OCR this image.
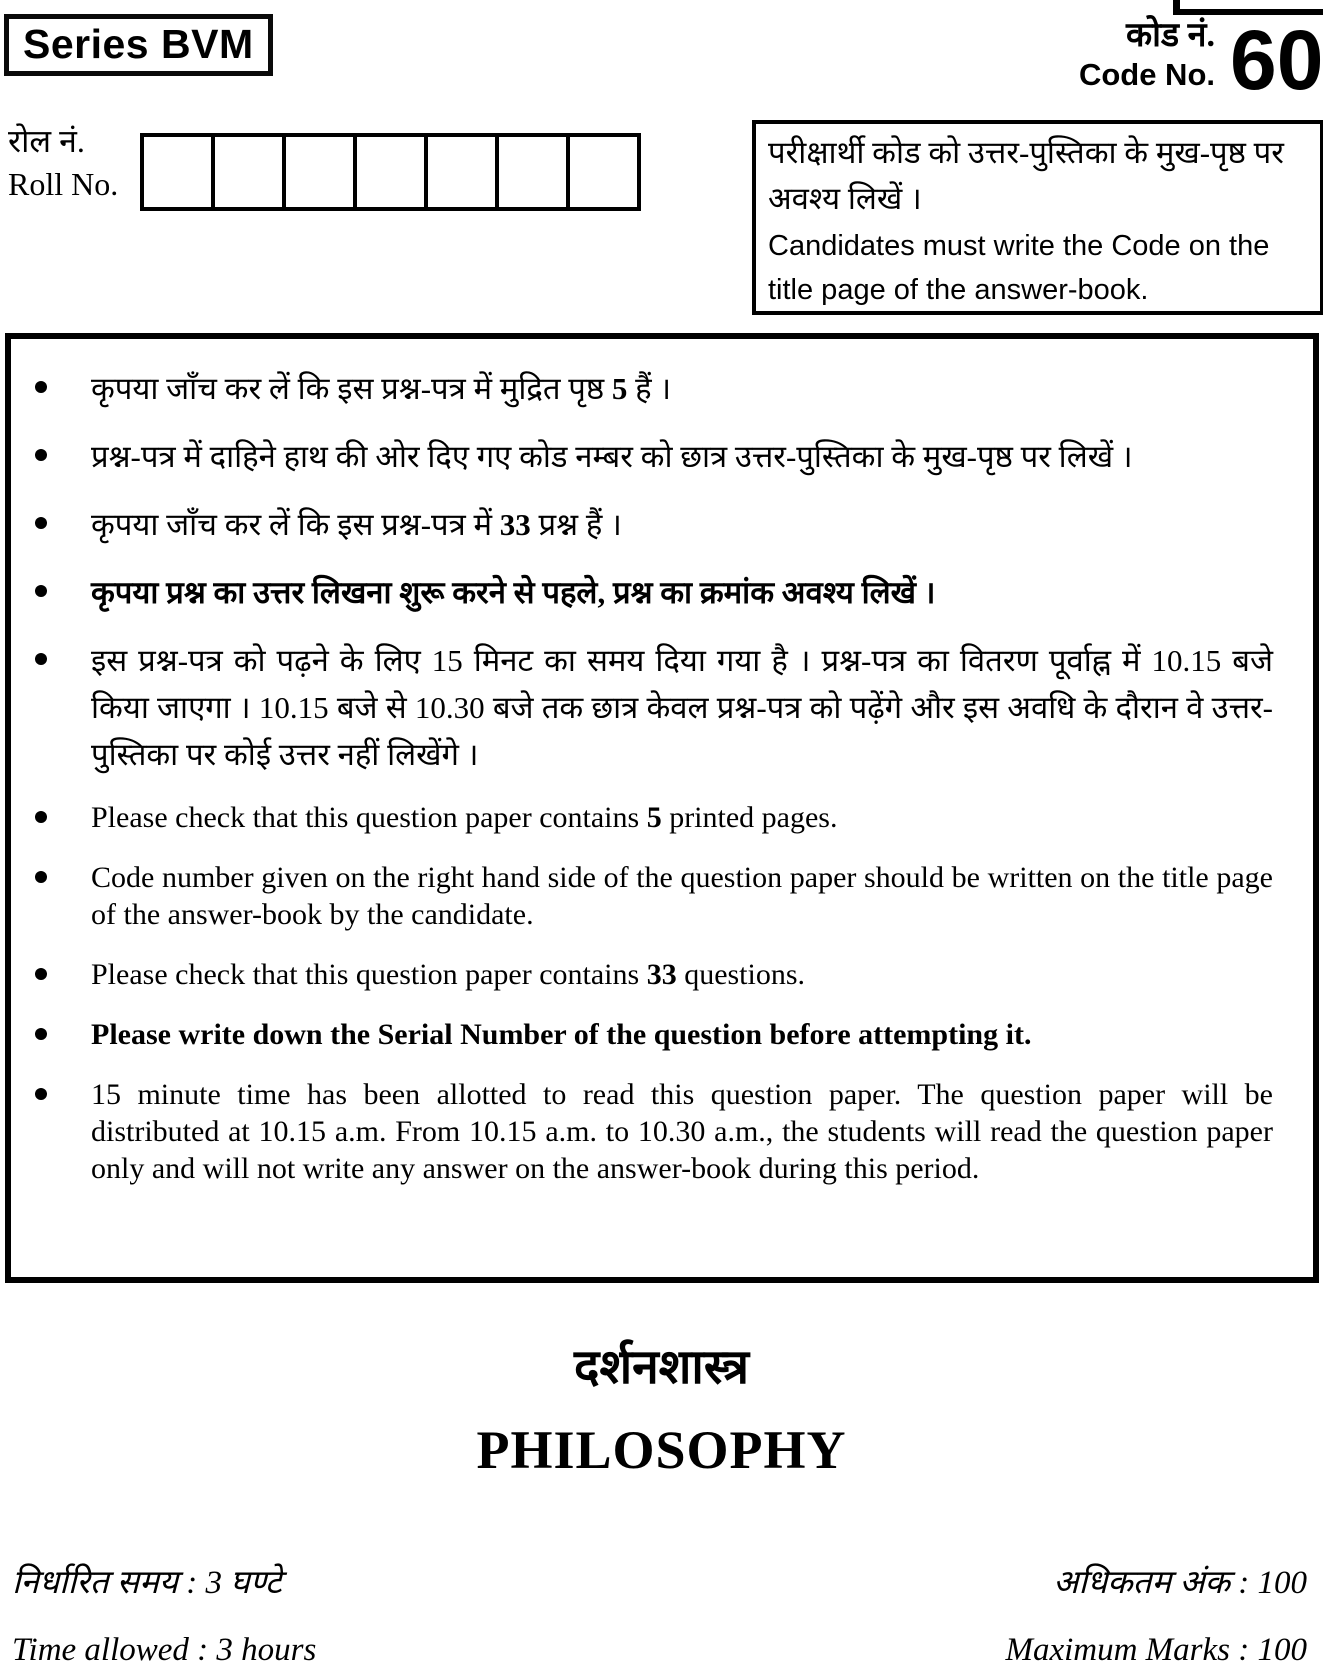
Series BVM	कोड नं.
Code No. 60
रोल नं.
Roll No.

परीक्षार्थी कोड को उत्तर-पुस्तिका के मुख-पृष्ठ पर अवश्य लिखें ।

Candidates must write the Code on the title page of the answer-book.

कृपया जाँच कर लें कि इस प्रश्न-पत्र में मुद्रित पृष्ठ 5 हैं ।
प्रश्न-पत्र में दाहिने हाथ की ओर दिए गए कोड नम्बर को छात्र उत्तर-पुस्तिका के मुख-पृष्ठ पर लिखें ।
कृपया जाँच कर लें कि इस प्रश्न-पत्र में 33 प्रश्न हैं ।
कृपया प्रश्न का उत्तर लिखना शुरू करने से पहले, प्रश्न का क्रमांक अवश्य लिखें ।
इस प्रश्न-पत्र को पढ़ने के लिए 15 मिनट का समय दिया गया है । प्रश्न-पत्र का वितरण पूर्वाह्न में 10.15 बजे किया जाएगा । 10.15 बजे से 10.30 बजे तक छात्र केवल प्रश्न-पत्र को पढ़ेंगे और इस अवधि के दौरान वे उत्तर-पुस्तिका पर कोई उत्तर नहीं लिखेंगे ।
Please check that this question paper contains 5 printed pages.
Code number given on the right hand side of the question paper should be written on the title page of the answer-book by the candidate.
Please check that this question paper contains 33 questions.
Please write down the Serial Number of the question before attempting it.
15 minute time has been allotted to read this question paper. The question paper will be distributed at 10.15 a.m. From 10.15 a.m. to 10.30 a.m., the students will read the question paper only and will not write any answer on the answer-book during this period.
दर्शनशास्त्र
PHILOSOPHY
निर्धारित समय : 3 घण्टे	अधिकतम अंक : 100
Time allowed : 3 hours	Maximum Marks : 100
